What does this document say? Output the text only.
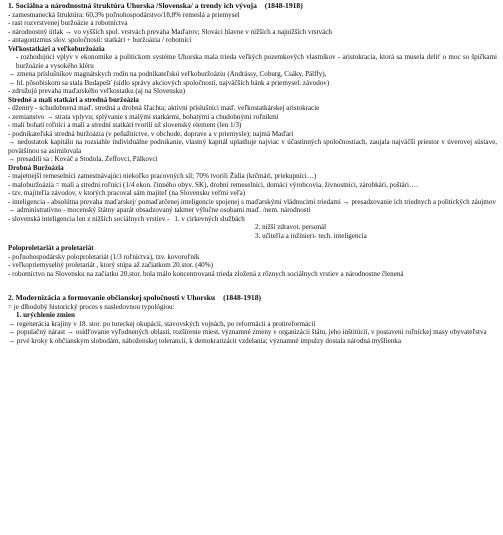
1. Sociálna a národnostná štruktúra Uhorska /Slovenska/ a trendy ich vývoja (1848-1918)
- zamestnanecká štruktúra: 60,3% poľnohospodárstvo/18,8% remeslá a priemysel
- rast rozvrstvenej buržoázie a robotníctva
- národnostný útlak → vo vyšších spol. vrstvách prevaha Maďarov; Slováci hlavne v nižších a najnižších vrstvách
- antagonizmus slov. spoločnosti: statkári + buržoázia / robotníci
Veľkostatkári a veľkoburžoázia
- rozhodujúci vplyv v ekonomike a politickom systéme Uhorska mala trieda veľkých pozemkových vlastníkov - aristokracia, ktorá sa musela deliť o moc so špičkami buržoázie a vysokého kléru
→ zmena príslušníkov magnátskych rodín na podnikateľskú veľkoburžoáziu (Andrássy, Coburg, Csáky, Pálffy),
→ hl. pôsobiskom sa stala Budapešť (sídlo správy akciových spoločností, najväčších bánk a priemysel. závodov)
- združujú prevaha maďarského veľkostatku (aj na Slovensku)
Stredné a malí statkári a stredná buržoázia
- džentry - schudobnená maď. stredná a drobná šľachta; aktívni príslušníci maď. veľkostatkárskej aristokracie
- zemianstvo → strata vplyvu; splývanie s malými statkármi, bohatými a chudobnými roľníkmi
- malí bohatí roľníci a malí a strední statkári tvorili už slovenský element (len 1/3)
- podnikateľská stredná buržoázia (v peňažníctve, v obchode, doprave a v priemysle); najmä Maďari
→ nedostatok kapitálu na rozsiahle individuálne podnikanie, vlastný kapitál uplatňuje najviac v účastinných spoločnostiach, zaujala najväčší priestor v úverovej sústave, povätšinou sa asimilovala
→ presadili sa : Kováč a Stodola, Zeffovci, Pálkovci
Drobná Buržoázia
- majetnejší remeselníci zamestnávajúci niekoľko pracovných síl; 70% tvorili Židia (krčmári, priekupníci…)
- maloburžoázia = malí a strední roľníci (1/4 ekon. činného obyv. SK), drobní remeselníci, domáci výrobcovia, živnostníci, zárobkári, poštári….
- tzv. majiteľia závodov, v ktorých pracoval sám majiteľ (na Slovensku veľmi veľa)
- inteligencia - absolútna prevaha maďarskej/ pomaďarčenej inteligencie spojenej s maďarskými vládnucimi triedami → presadzovanie ich triednych a politických záujmov
→ administratívno - mocenský štátny aparát obsadzovaný takmer výlučne osobami maď. /nem. národnosti
- slovenská inteligencia len z nižších sociálnych vrstiev - 1. v cirkevných službách
2. nižší zdravot. personál
3. učiteľia a inžinieri- tech. inteligencia
Poloproletariát a proletariát
- poľnohospodársky poloproletariát (1/3 roľníctva), tzv. kovoroľník
- veľkopriemyselný proletariát , ktorý stúpa až začiatkom 20.stor. (40%)
- robotníctvo na Slovensku na začiatku 20.stor. bola málo koncentrovaná trieda zložená z rôznych sociálnych vrstiev a národnostne členená
2. Modernizácia a formovanie občianskej spoločnosti v Uhorsku (1848-1918)
= je dlhodobý historický proces s nasledovnou typológiou:
1. urýchlenie zmien
→ regenerácia krajiny v 18. stor. po tureckej okupácii, stavovských vojnách, po reformácii a protireformácii
→ populačný nárast → osídľovanie vyľudnených oblastí, rozšírenie miest, významné zmeny v organizácii štátu, jeho inštitúcií, v postavení roľníckej masy obyvateľstva
→ prvé kroky k občianskym slobodám, náboženskej tolerancii, k demokratizácii vzdelania; významné impulzy dostala národná myšlienka
